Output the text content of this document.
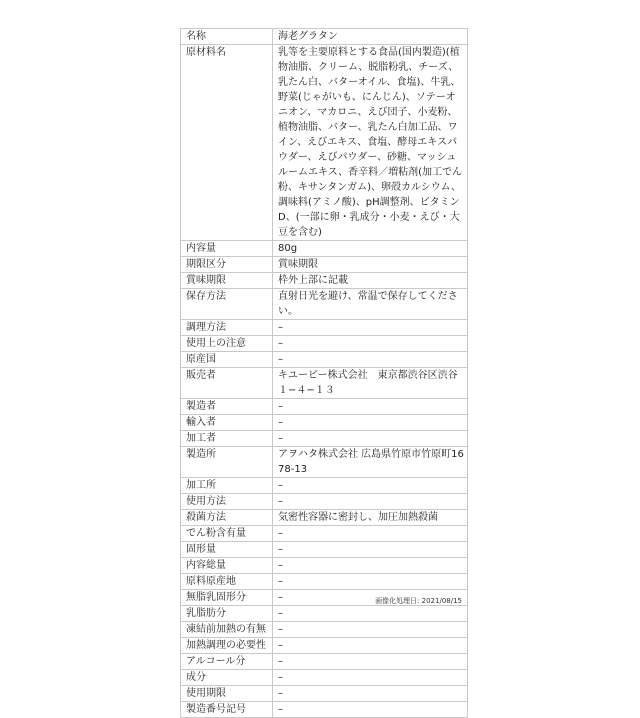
名称	海老グラタン
原材料名	乳等を主要原料とする食品(国内製造)(植物油脂、クリーム、脱脂粉乳、チーズ、乳たん白、バターオイル、食塩)、牛乳、野菜(じゃがいも、にんじん)、ソテーオニオン、マカロニ、えび団子、小麦粉、植物油脂、バター、乳たん白加工品、ワイン、えびエキス、食塩、酵母エキスパウダー、えびパウダー、砂糖、マッシュルームエキス、香辛料／増粘剤(加工でん粉、キサンタンガム)、卵殻カルシウム、調味料(アミノ酸)、pH調整剤、ビタミンD、(一部に卵・乳成分・小麦・えび・大豆を含む)
内容量	80g
期限区分	賞味期限
賞味期限	枠外上部に記載
保存方法	直射日光を避け、常温で保存してください。
調理方法	–
使用上の注意	–
原産国	–
販売者	キユーピー株式会社　東京都渋谷区渋谷１−４−１３
製造者	–
輸入者	–
加工者	–
製造所	アヲハタ株式会社 広島県竹原市竹原町1678-13
加工所	–
使用方法	–
殺菌方法	気密性容器に密封し、加圧加熱殺菌
でん粉含有量	–
固形量	–
内容総量	–
原料原産地	–
無脂乳固形分	–
乳脂肪分	–
凍結前加熱の有無	–
加熱調理の必要性	–
アルコール分	–
成分	–
使用期限	–
製造番号記号	–
画像化処理日: 2021/08/15
